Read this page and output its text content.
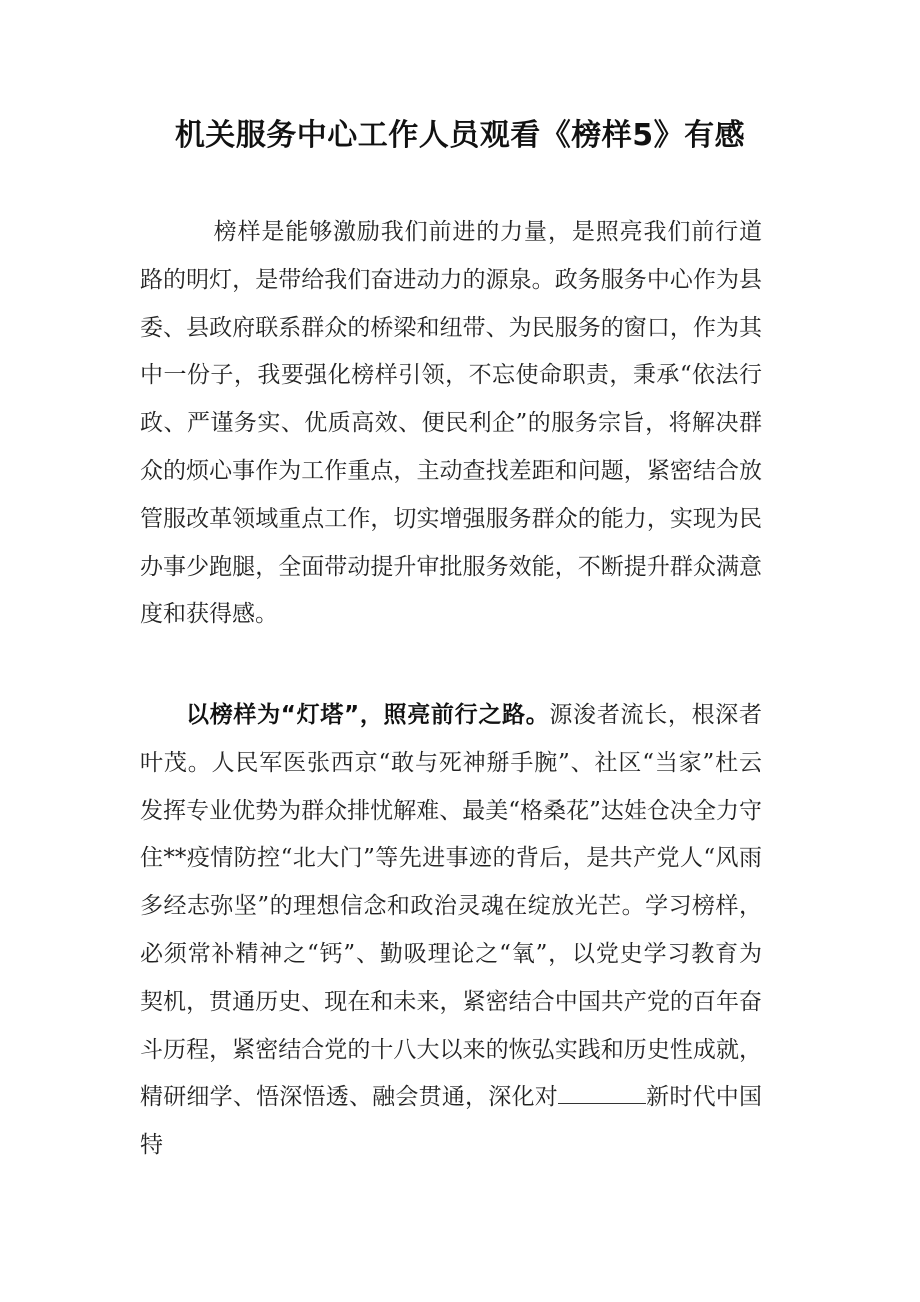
机关服务中心工作人员观看《榜样5》有感

榜样是能够激励我们前进的力量，是照亮我们前行道路的明灯，是带给我们奋进动力的源泉。政务服务中心作为县委、县政府联系群众的桥梁和纽带、为民服务的窗口，作为其中一份子，我要强化榜样引领，不忘使命职责，秉承“依法行政、严谨务实、优质高效、便民利企”的服务宗旨，将解决群众的烦心事作为工作重点，主动查找差距和问题，紧密结合放管服改革领域重点工作，切实增强服务群众的能力，实现为民办事少跑腿，全面带动提升审批服务效能，不断提升群众满意度和获得感。

以榜样为“灯塔”，照亮前行之路。源浚者流长，根深者叶茂。人民军医张西京“敢与死神掰手腕”、社区“当家”杜云发挥专业优势为群众排忧解难、最美“格桑花”达娃仓决全力守住**疫情防控“北大门”等先进事迹的背后，是共产党人“风雨多经志弥坚”的理想信念和政治灵魂在绽放光芒。学习榜样，必须常补精神之“钙”、勤吸理论之“氧”，以党史学习教育为契机，贯通历史、现在和未来，紧密结合中国共产党的百年奋斗历程，紧密结合党的十八大以来的恢弘实践和历史性成就，精研细学、悟深悟透、融会贯通，深化对	新时代中国特
